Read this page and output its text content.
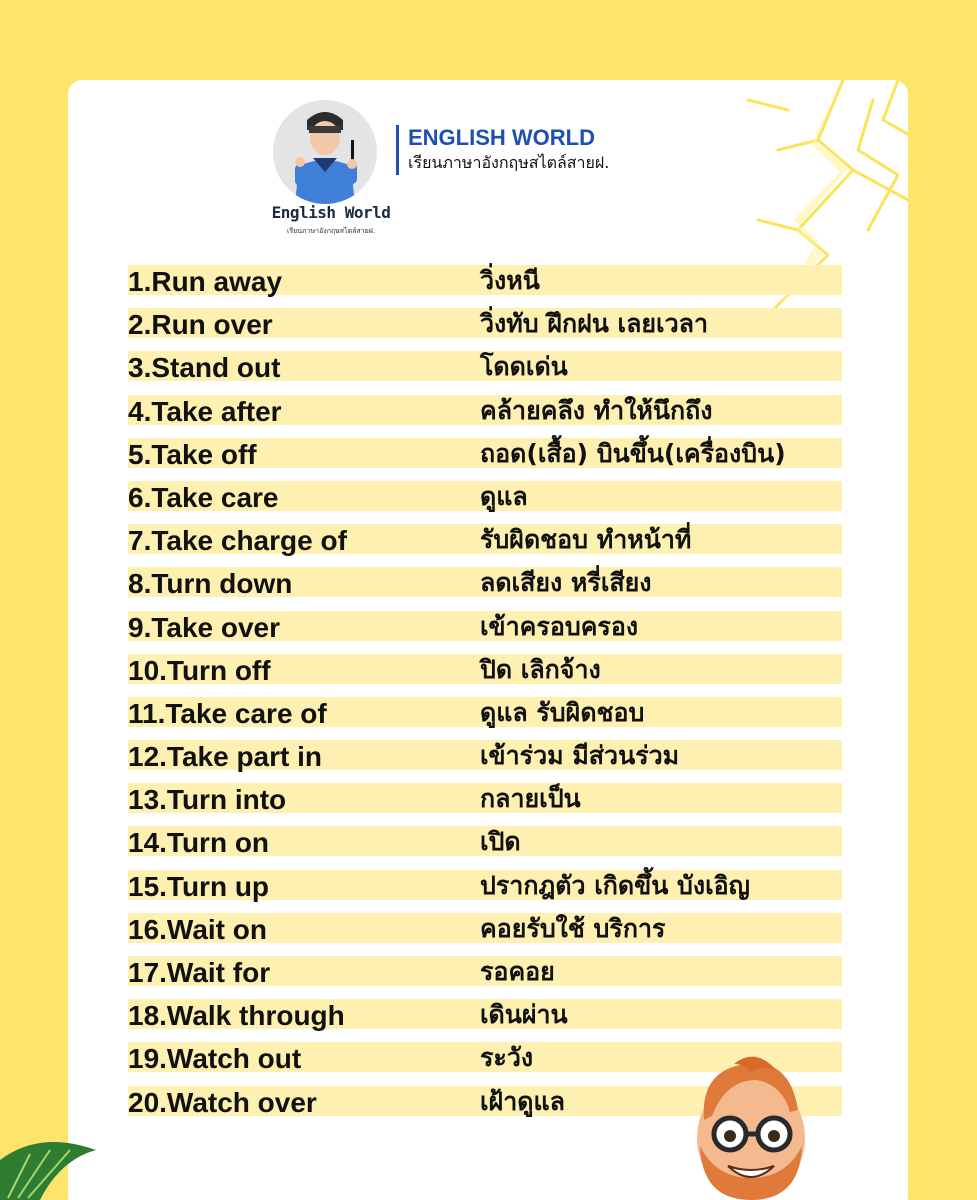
English World
เรียนภาษาอังกฤษสไตล์สายฝ.
ENGLISH WORLD
เรียนภาษาอังกฤษสไตล์สายฝ.
1.Run away	วิ่งหนี
2.Run over	วิ่งทับ ฝึกฝน เลยเวลา
3.Stand out	โดดเด่น
4.Take after	คล้ายคลึง ทำให้นึกถึง
5.Take off	ถอด(เสื้อ) บินขึ้น(เครื่องบิน)
6.Take care	ดูแล
7.Take charge of	รับผิดชอบ ทำหน้าที่
8.Turn down	ลดเสียง หรี่เสียง
9.Take over	เข้าครอบครอง
10.Turn off	ปิด เลิกจ้าง
11.Take care of	ดูแล รับผิดชอบ
12.Take part in	เข้าร่วม มีส่วนร่วม
13.Turn into	กลายเป็น
14.Turn on	เปิด
15.Turn up	ปรากฎตัว เกิดขึ้น บังเอิญ
16.Wait on	คอยรับใช้ บริการ
17.Wait for	รอคอย
18.Walk through	เดินผ่าน
19.Watch out	ระวัง
20.Watch over	เฝ้าดูแล
